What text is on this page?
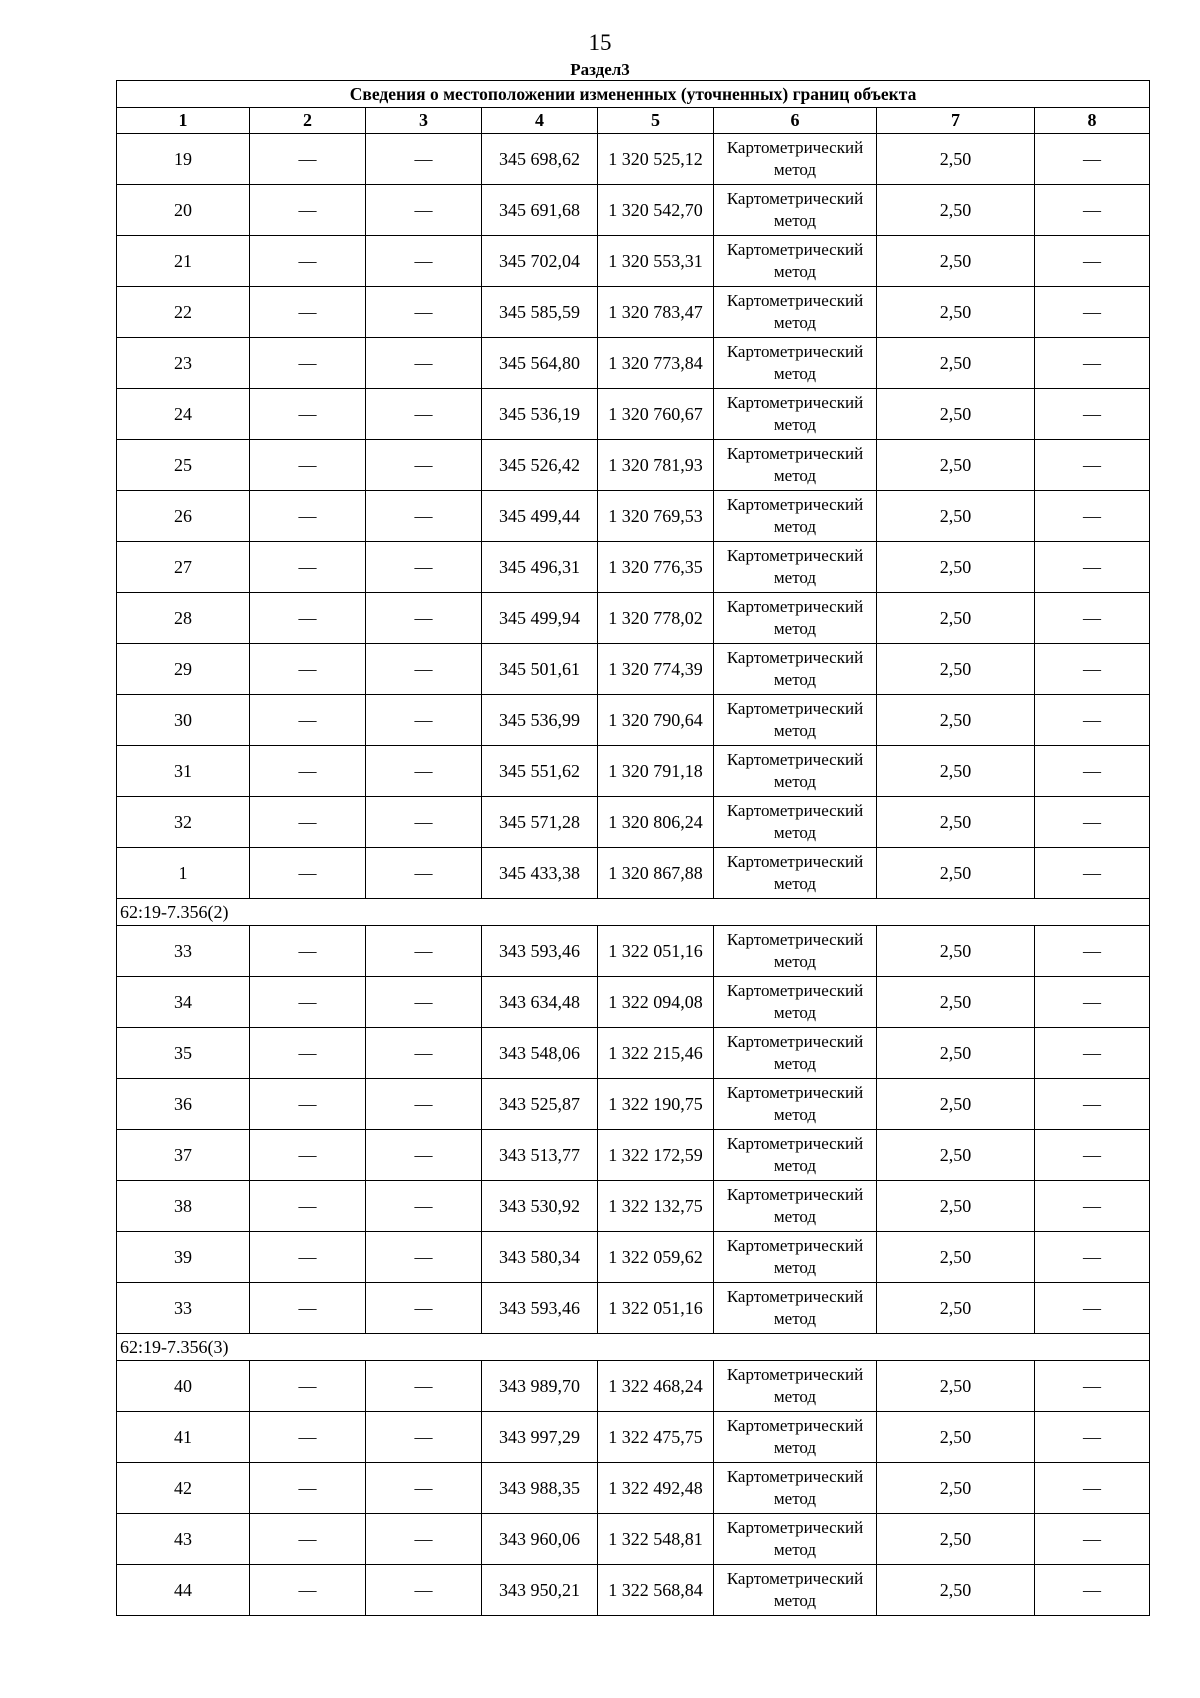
15
Раздел3
Сведения о местоположении измененных (уточненных) границ объекта							
1	2	3	4	5	6	7	8
19	—	—	345 698,62	1 320 525,12	Картометрический метод	2,50	—
20	—	—	345 691,68	1 320 542,70	Картометрический метод	2,50	—
21	—	—	345 702,04	1 320 553,31	Картометрический метод	2,50	—
22	—	—	345 585,59	1 320 783,47	Картометрический метод	2,50	—
23	—	—	345 564,80	1 320 773,84	Картометрический метод	2,50	—
24	—	—	345 536,19	1 320 760,67	Картометрический метод	2,50	—
25	—	—	345 526,42	1 320 781,93	Картометрический метод	2,50	—
26	—	—	345 499,44	1 320 769,53	Картометрический метод	2,50	—
27	—	—	345 496,31	1 320 776,35	Картометрический метод	2,50	—
28	—	—	345 499,94	1 320 778,02	Картометрический метод	2,50	—
29	—	—	345 501,61	1 320 774,39	Картометрический метод	2,50	—
30	—	—	345 536,99	1 320 790,64	Картометрический метод	2,50	—
31	—	—	345 551,62	1 320 791,18	Картометрический метод	2,50	—
32	—	—	345 571,28	1 320 806,24	Картометрический метод	2,50	—
1	—	—	345 433,38	1 320 867,88	Картометрический метод	2,50	—
62:19-7.356(2)							
33	—	—	343 593,46	1 322 051,16	Картометрический метод	2,50	—
34	—	—	343 634,48	1 322 094,08	Картометрический метод	2,50	—
35	—	—	343 548,06	1 322 215,46	Картометрический метод	2,50	—
36	—	—	343 525,87	1 322 190,75	Картометрический метод	2,50	—
37	—	—	343 513,77	1 322 172,59	Картометрический метод	2,50	—
38	—	—	343 530,92	1 322 132,75	Картометрический метод	2,50	—
39	—	—	343 580,34	1 322 059,62	Картометрический метод	2,50	—
33	—	—	343 593,46	1 322 051,16	Картометрический метод	2,50	—
62:19-7.356(3)							
40	—	—	343 989,70	1 322 468,24	Картометрический метод	2,50	—
41	—	—	343 997,29	1 322 475,75	Картометрический метод	2,50	—
42	—	—	343 988,35	1 322 492,48	Картометрический метод	2,50	—
43	—	—	343 960,06	1 322 548,81	Картометрический метод	2,50	—
44	—	—	343 950,21	1 322 568,84	Картометрический метод	2,50	—
